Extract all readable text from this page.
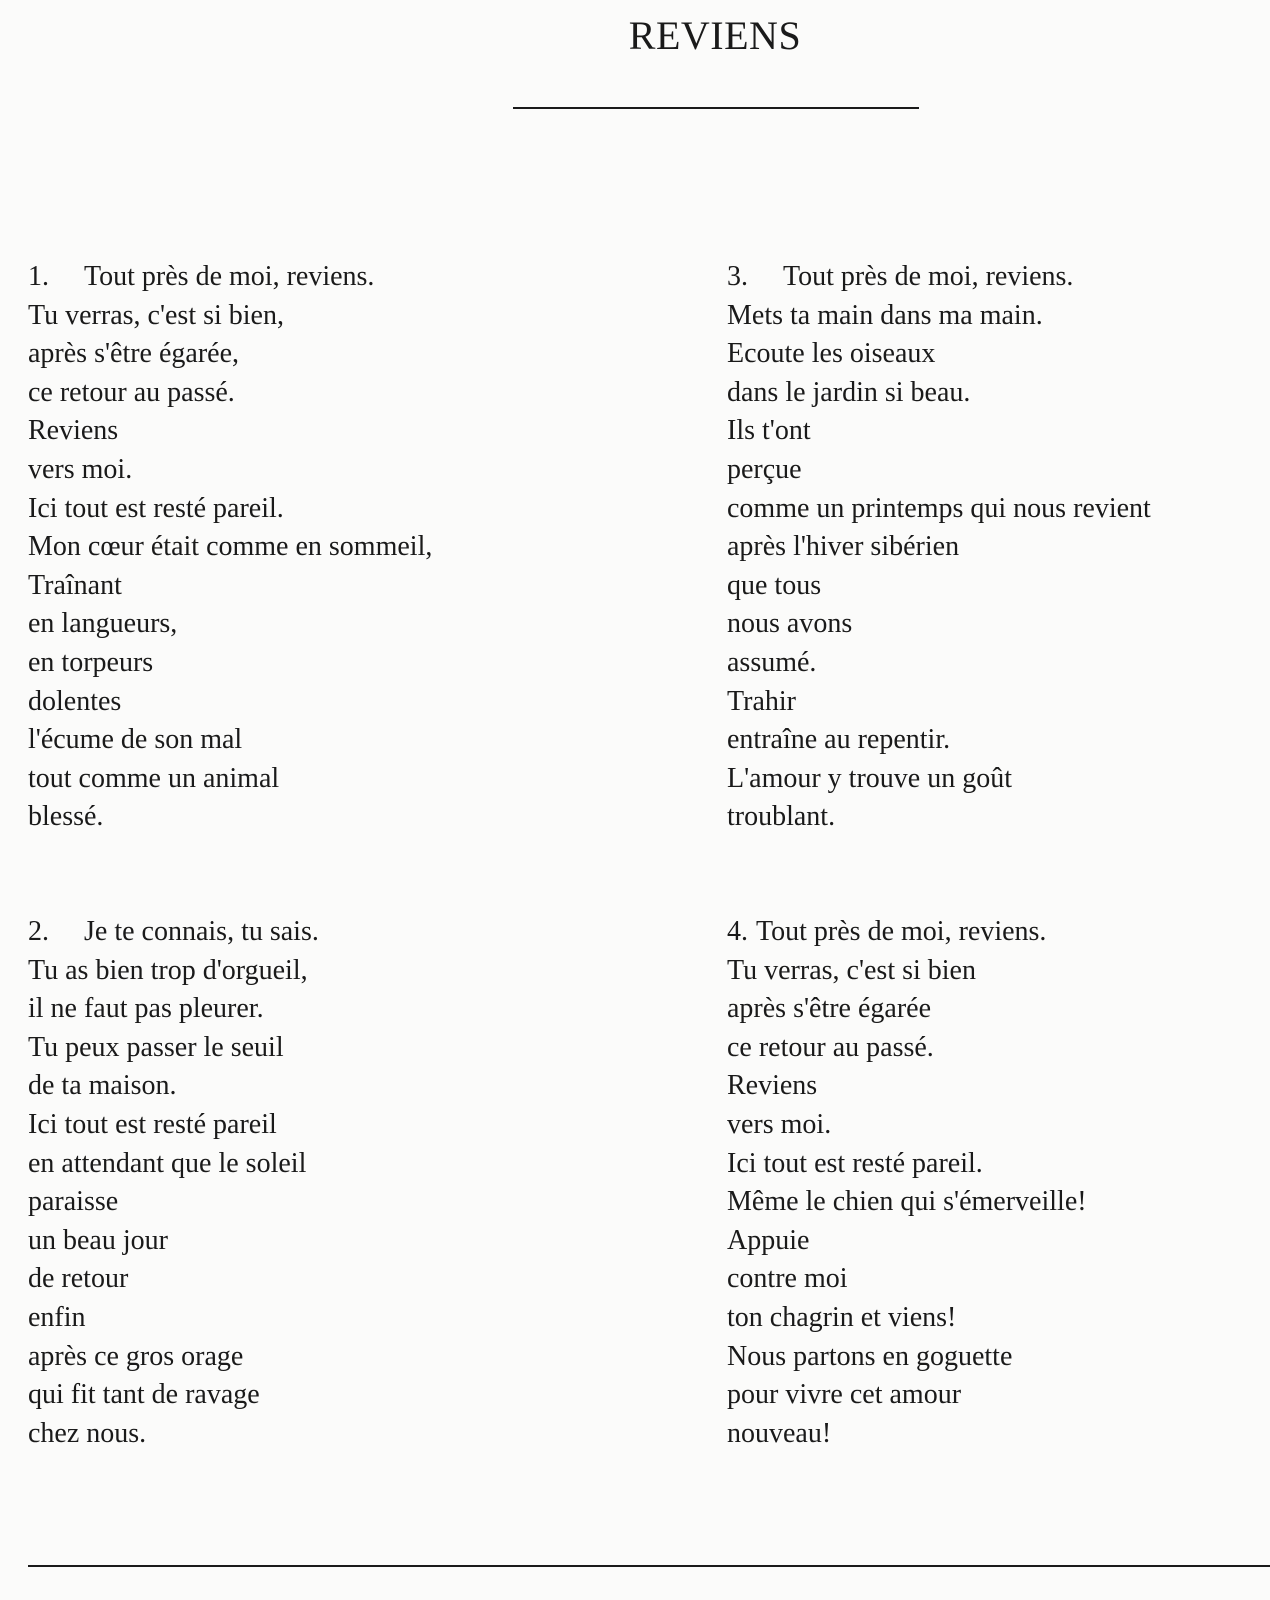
REVIENS
1. Tout près de moi, reviens.
Tu verras, c'est si bien,
après s'être égarée,
ce retour au passé.
Reviens
vers moi.
Ici tout est resté pareil.
Mon cœur était comme en sommeil,
Traînant
en langueurs,
en torpeurs
dolentes
l'écume de son mal
tout comme un animal
blessé.
3. Tout près de moi, reviens.
Mets ta main dans ma main.
Ecoute les oiseaux
dans le jardin si beau.
Ils t'ont
perçue
comme un printemps qui nous revient
après l'hiver sibérien
que tous
nous avons
assumé.
Trahir
entraîne au repentir.
L'amour y trouve un goût
troublant.
2. Je te connais, tu sais.
Tu as bien trop d'orgueil,
il ne faut pas pleurer.
Tu peux passer le seuil
de ta maison.
Ici tout est resté pareil
en attendant que le soleil
paraisse
un beau jour
de retour
enfin
après ce gros orage
qui fit tant de ravage
chez nous.
4. Tout près de moi, reviens.
Tu verras, c'est si bien
après s'être égarée
ce retour au passé.
Reviens
vers moi.
Ici tout est resté pareil.
Même le chien qui s'émerveille!
Appuie
contre moi
ton chagrin et viens!
Nous partons en goguette
pour vivre cet amour
nouveau!
